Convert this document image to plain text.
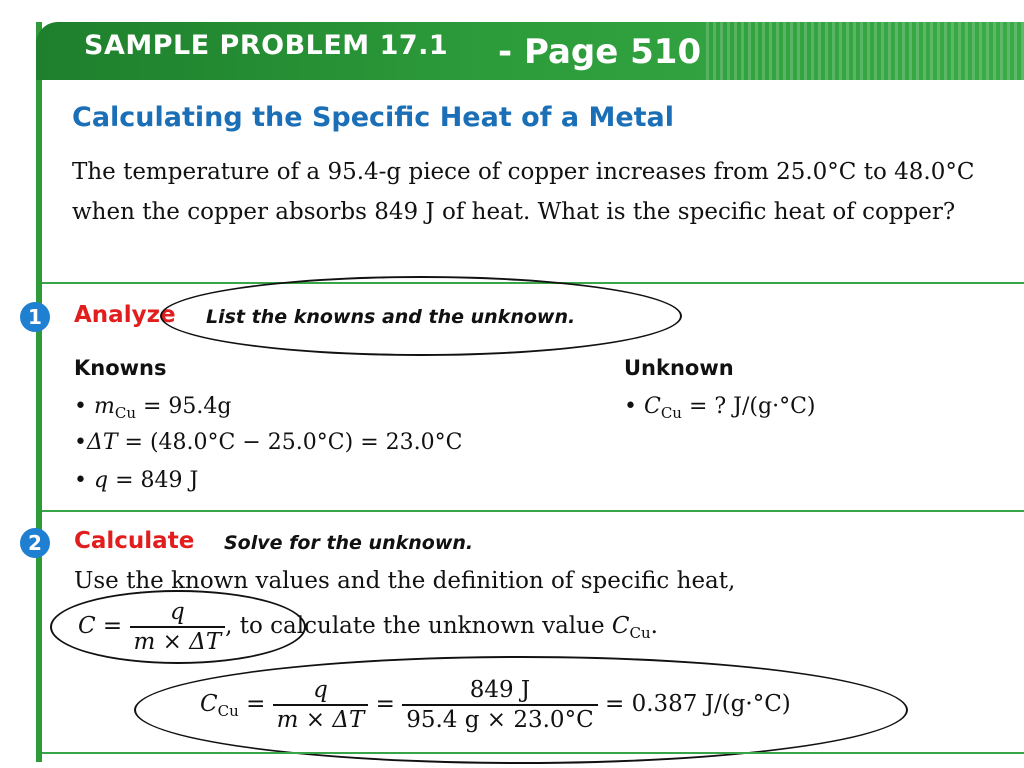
SAMPLE PROBLEM 17.1 - Page 510
Calculating the Specific Heat of a Metal

The temperature of a 95.4-g piece of copper increases from 25.0°C to 48.0°C when the copper absorbs 849 J of heat. What is the specific heat of copper?

1	Analyze List the knowns and the unknown.
Knowns	Unknown
• $m_{Cu} = 95.4g$
•ΔT = (48.0°C − 25.0°C) = 23.0°C
• q = 849 J
• $C_{Cu}$ = ? J/(g·°C)
2	Calculate Solve for the unknown.
Use the known values and the definition of specific heat,
$C = \frac{q}{m \times \Delta T}$ , to calculate the unknown value $C_{Cu}$.
$C_{Cu} = \frac{q}{m \times \Delta T} = \frac{849 J}{95.4 g \times 23.0^\circ C} = 0.387$ J/(g·°C)
